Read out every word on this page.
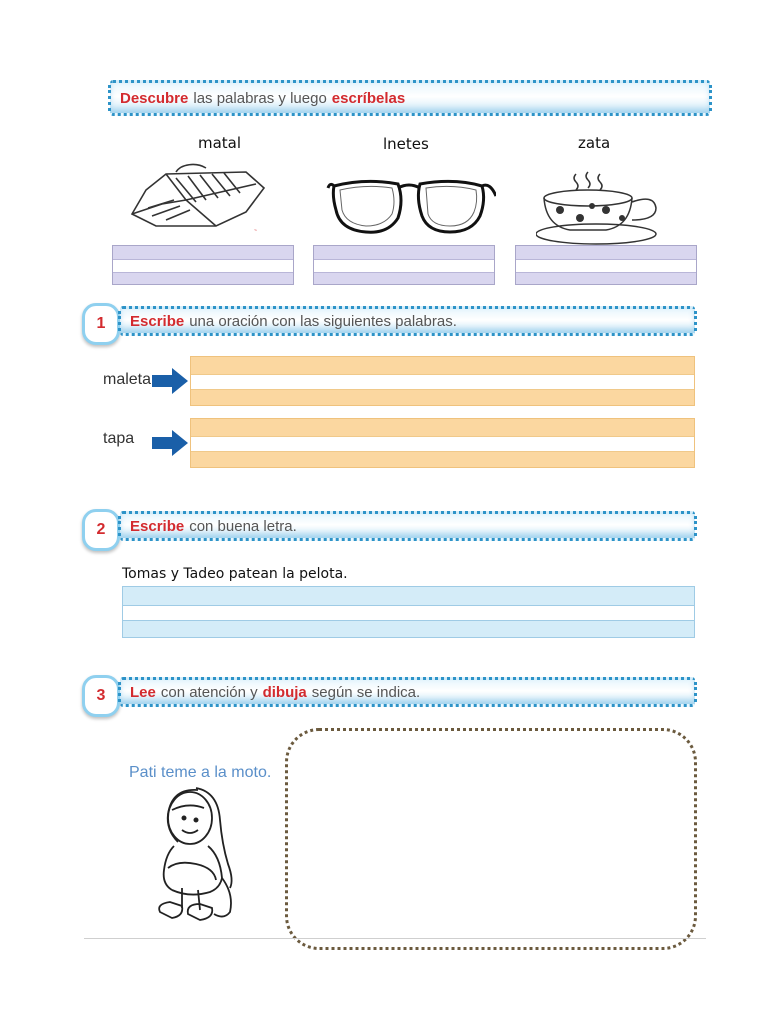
Descubre las palabras y luego escríbelas
matal	lnetes	zata
~
1	Escribe una oración con las siguientes palabras.
maleta
tapa
2	Escribe con buena letra.
Tomas y Tadeo patean la pelota.
3	Lee con atención y dibuja según se indica.
Pati teme a la moto.
